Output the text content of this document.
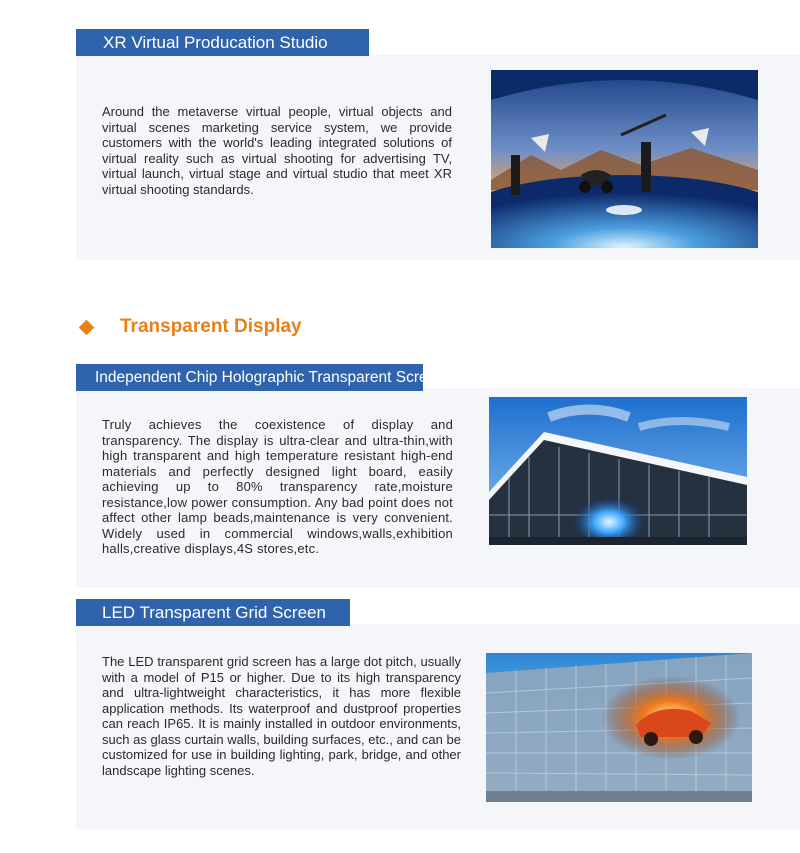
XR Virtual Producation Studio

Around the metaverse virtual people, virtual objects and virtual scenes marketing service system, we provide customers with the world's leading integrated solutions of virtual reality such as virtual shooting for advertising TV, virtual launch, virtual stage and virtual studio that meet XR virtual shooting standards.

Transparent Display
Independent Chip Holographic Transparent Screen

Truly achieves the coexistence of display and transparency. The display is ultra-clear and ultra-thin,with high transparent and high temperature resistant high-end materials and perfectly designed light board, easily achieving up to 80% transparency rate,moisture resistance,low power consumption. Any bad point does not affect other lamp beads,maintenance is very convenient. Widely used in commercial windows,walls,exhibition halls,creative displays,4S stores,etc.

LED Transparent Grid Screen

The LED transparent grid screen has a large dot pitch, usually with a model of P15 or higher. Due to its high transparency and ultra-lightweight characteristics, it has more flexible application methods. Its waterproof and dustproof properties can reach IP65. It is mainly installed in outdoor environments, such as glass curtain walls, building surfaces, etc., and can be customized for use in building lighting, park, bridge, and other landscape lighting scenes.
